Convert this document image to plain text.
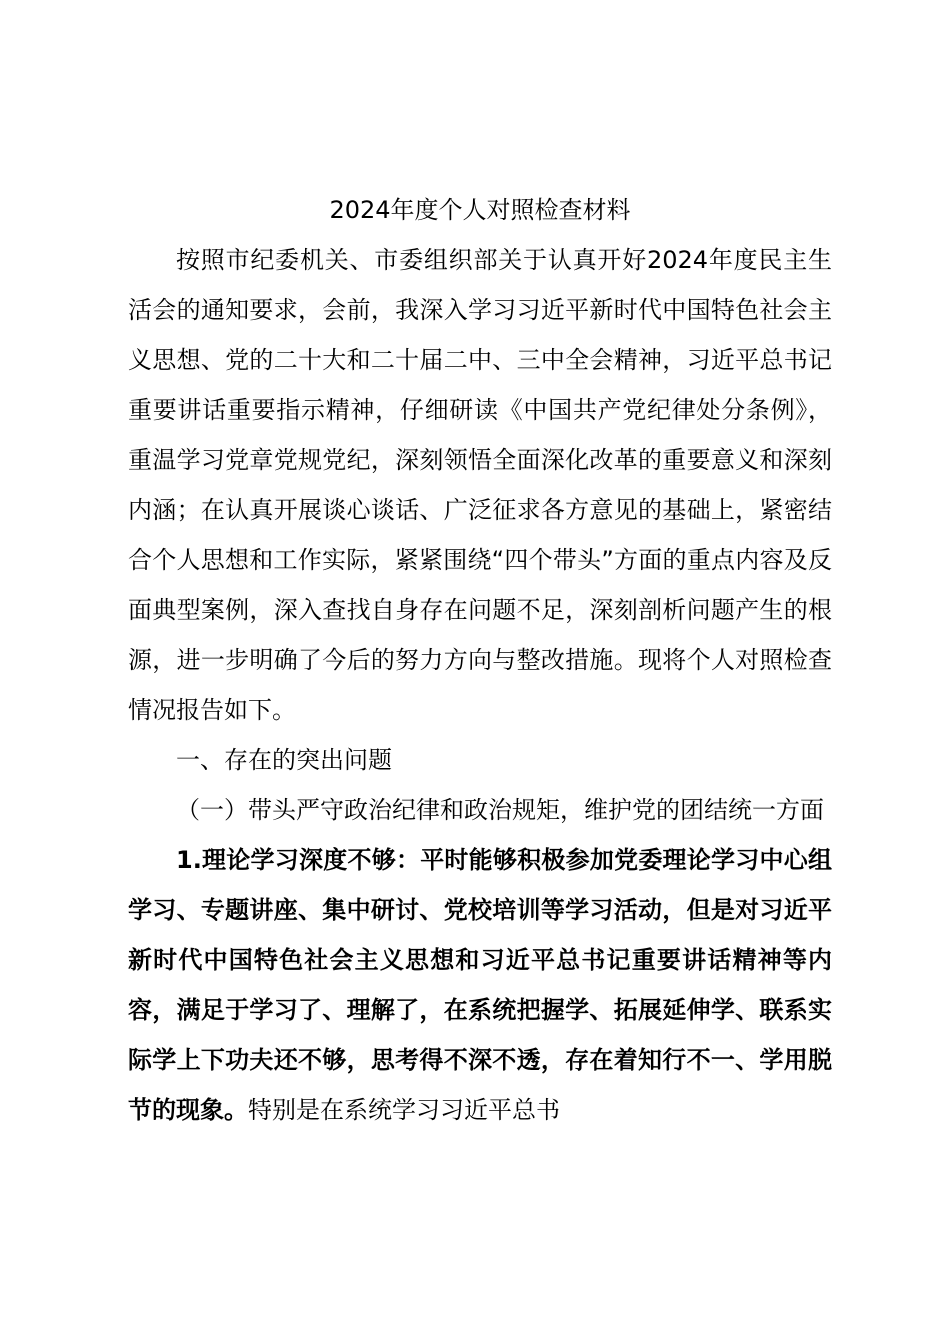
2024年度个人对照检查材料

按照市纪委机关、市委组织部关于认真开好2024年度民主生活会的通知要求，会前，我深入学习习近平新时代中国特色社会主义思想、党的二十大和二十届二中、三中全会精神，习近平总书记重要讲话重要指示精神，仔细研读《中国共产党纪律处分条例》，重温学习党章党规党纪，深刻领悟全面深化改革的重要意义和深刻内涵；在认真开展谈心谈话、广泛征求各方意见的基础上，紧密结合个人思想和工作实际，紧紧围绕“四个带头”方面的重点内容及反面典型案例，深入查找自身存在问题不足，深刻剖析问题产生的根源，进一步明确了今后的努力方向与整改措施。现将个人对照检查情况报告如下。

一、存在的突出问题

（一）带头严守政治纪律和政治规矩，维护党的团结统一方面

1.理论学习深度不够：平时能够积极参加党委理论学习中心组学习、专题讲座、集中研讨、党校培训等学习活动，但是对习近平新时代中国特色社会主义思想和习近平总书记重要讲话精神等内容，满足于学习了、理解了，在系统把握学、拓展延伸学、联系实际学上下功夫还不够，思考得不深不透，存在着知行不一、学用脱节的现象。特别是在系统学习习近平总书
